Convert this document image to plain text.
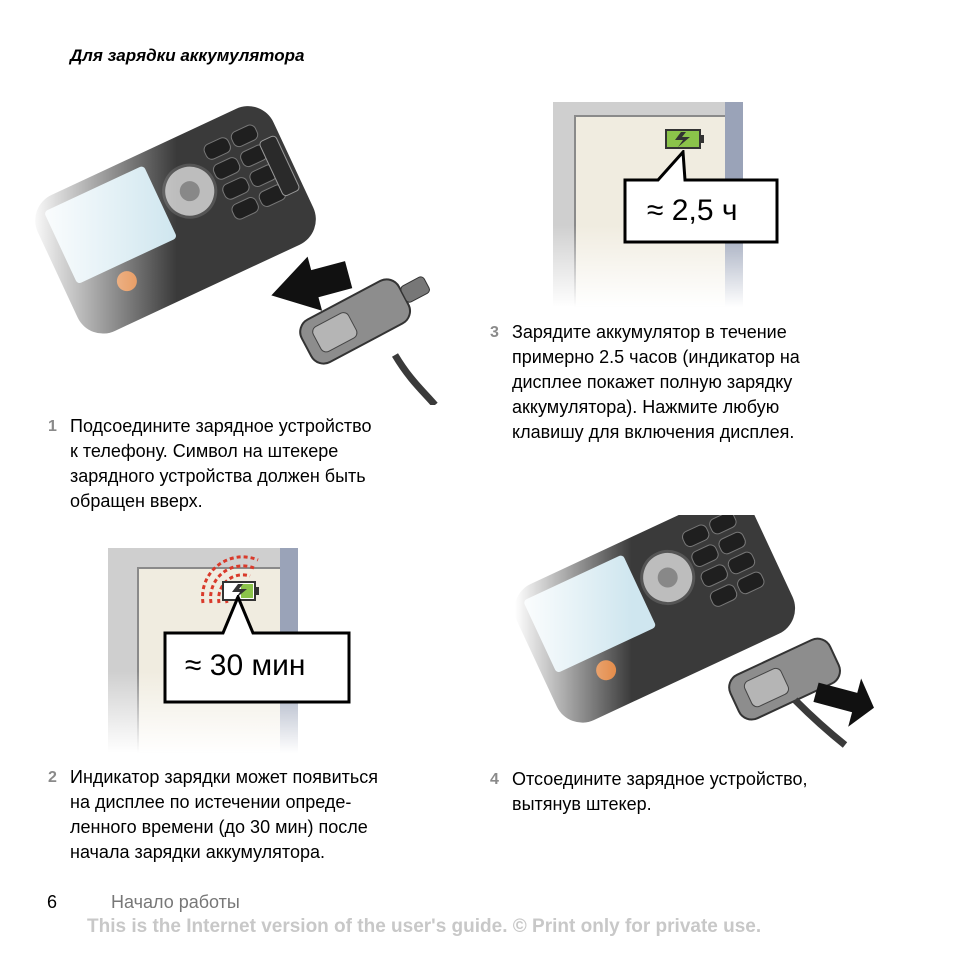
Для зарядки аккумулятора
≈ 2,5 ч
3 Зарядите аккумулятор в течение
примерно 2.5 часов (индикатор на
дисплее покажет полную зарядку
аккумулятора). Нажмите любую
клавишу для включения дисплея.
1 Подсоедините зарядное устройство
к телефону. Символ на штекере
зарядного устройства должен быть
обращен вверх.
≈ 30 мин
2 Индикатор зарядки может появиться
на дисплее по истечении опреде-
ленного времени (до 30 мин) после
начала зарядки аккумулятора.
4 Отсоедините зарядное устройство,
вытянув штекер.
6	Начало работы
This is the Internet version of the user's guide. © Print only for private use.
